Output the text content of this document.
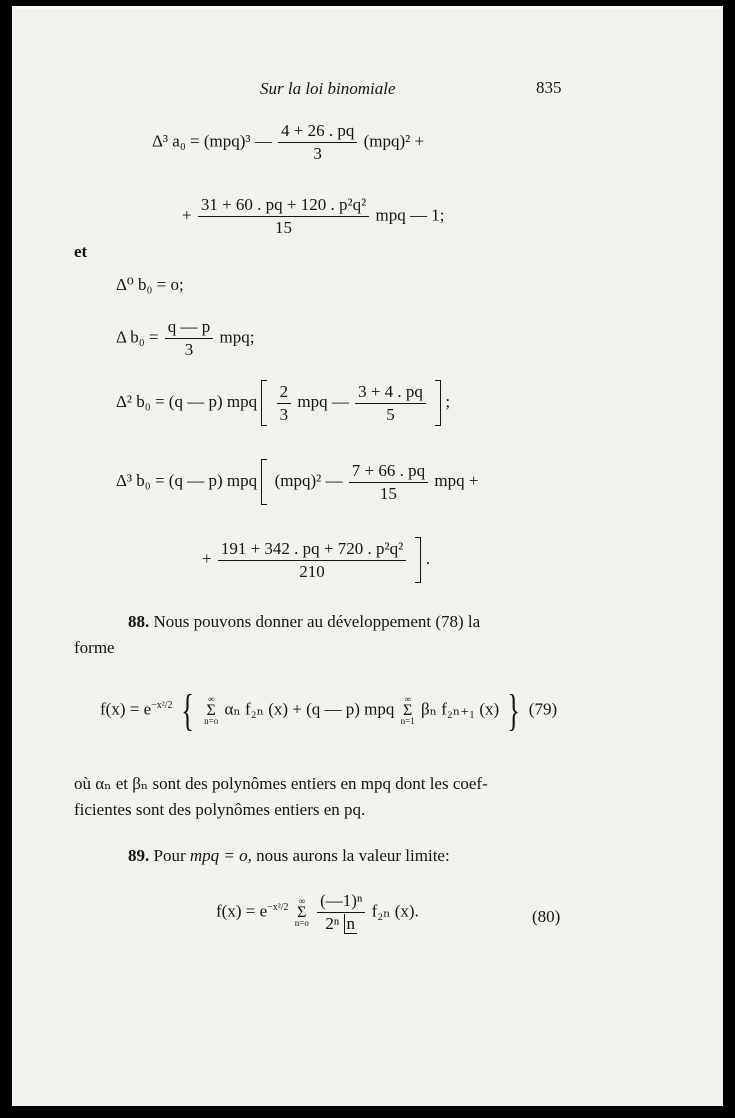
Sur la loi binomiale	835
Δ³ a₀ = (mpq)³ — $\frac{4 + 26 . pq}{3} (mpq)^2$ +
+ $\frac{\text{31 + 60 . pq + 120 . p²q²}}{15}$ mpq — 1;
et
Δ⁰ b₀ = o;
Δ $b_0 = \frac{q — p}{3}$ mpq;
Δ² b₀ = (q — p) mpq $\frac{2}{3}$ mpq — $\frac{3 + 4 . pq}{5}$ ;
Δ³ b₀ = (q — p) mpq (mpq)² — $\frac{7 + 66 . pq}{15}$ mpq +
+ $\frac{\text{191 + 342 . pq + 720 . p²q²}}{210}$ .
88. Nous pouvons donner au développement (78) la
forme
$f(x) = e^{-x^2/2}$ {	∞
Σ
n=o
αₙ f₂ₙ (x) + (q — p) mpq
∞
Σ
n=1
βₙ f₂ₙ₊₁ (x) } (79)
où αₙ et βₙ sont des polynômes entiers en mpq dont les coef-
ficientes sont des polynômes entiers en pq.
89. Pour mpq = o, nous aurons la valeur limite:
$f(x) = e^{-x^2/2}$
∞
Σ
n=o
$\frac{\text{(—1)ⁿ}}{\text{2ⁿ n}} f_{2n}$ (x).	(80)
